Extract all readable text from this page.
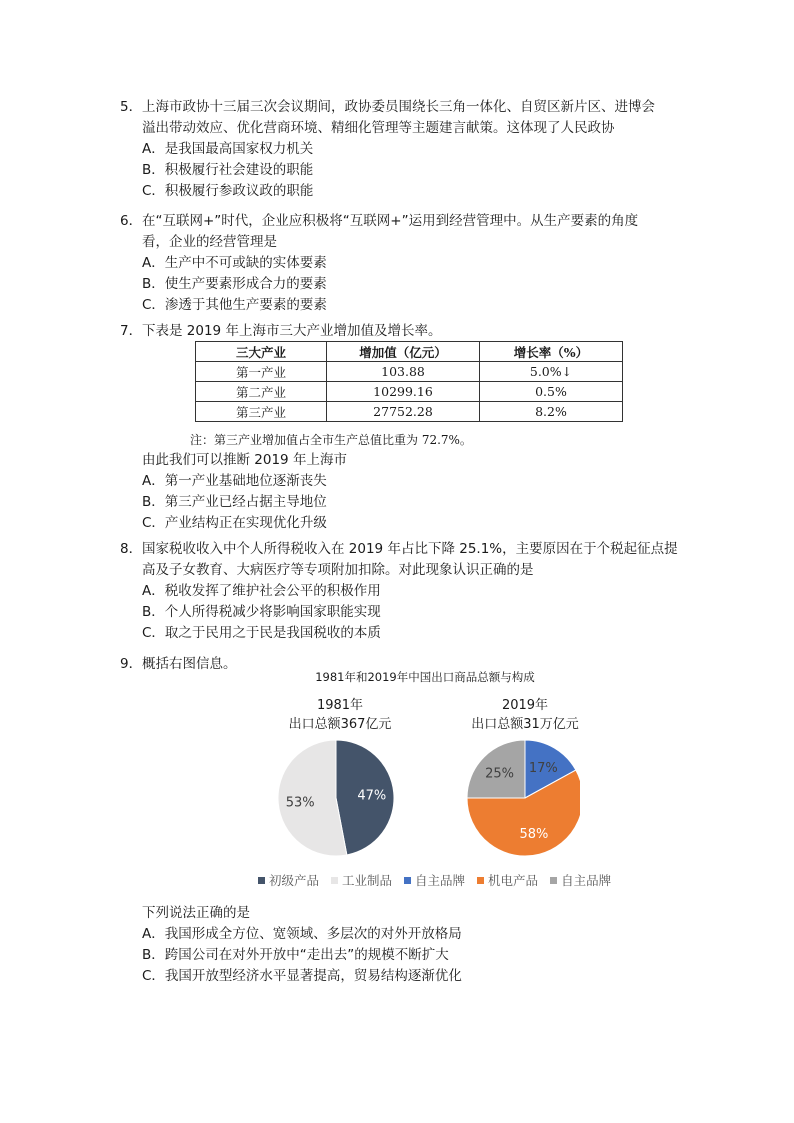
5．上海市政协十三届三次会议期间，政协委员围绕长三角一体化、自贸区新片区、进博会

溢出带动效应、优化营商环境、精细化管理等主题建言献策。这体现了人民政协

A．是我国最高国家权力机关

B．积极履行社会建设的职能

C．积极履行参政议政的职能

6．在“互联网+”时代，企业应积极将“互联网+”运用到经营管理中。从生产要素的角度

看，企业的经营管理是

A．生产中不可或缺的实体要素

B．使生产要素形成合力的要素

C．渗透于其他生产要素的要素

7．下表是 2019 年上海市三大产业增加值及增长率。

三大产业	增加值（亿元）	增长率（%）
第一产业	103.88	5.0%↓
第二产业	10299.16	0.5%
第三产业	27752.28	8.2%
注：第三产业增加值占全市生产总值比重为 72.7%。
由此我们可以推断 2019 年上海市

A．第一产业基础地位逐渐丧失

B．第三产业已经占据主导地位

C．产业结构正在实现优化升级

8．国家税收收入中个人所得税收入在 2019 年占比下降 25.1%，主要原因在于个税起征点提

高及子女教育、大病医疗等专项附加扣除。对此现象认识正确的是

A．税收发挥了维护社会公平的积极作用

B．个人所得税减少将影响国家职能实现

C．取之于民用之于民是我国税收的本质

9．概括右图信息。

1981年和2019年中国出口商品总额与构成
1981年
出口总额367亿元
2019年
出口总额31万亿元
47%
53%
17%
58%
25%
初级产品 工业制品 自主品牌 机电产品 自主品牌
下列说法正确的是

A．我国形成全方位、宽领域、多层次的对外开放格局

B．跨国公司在对外开放中“走出去”的规模不断扩大

C．我国开放型经济水平显著提高，贸易结构逐渐优化
